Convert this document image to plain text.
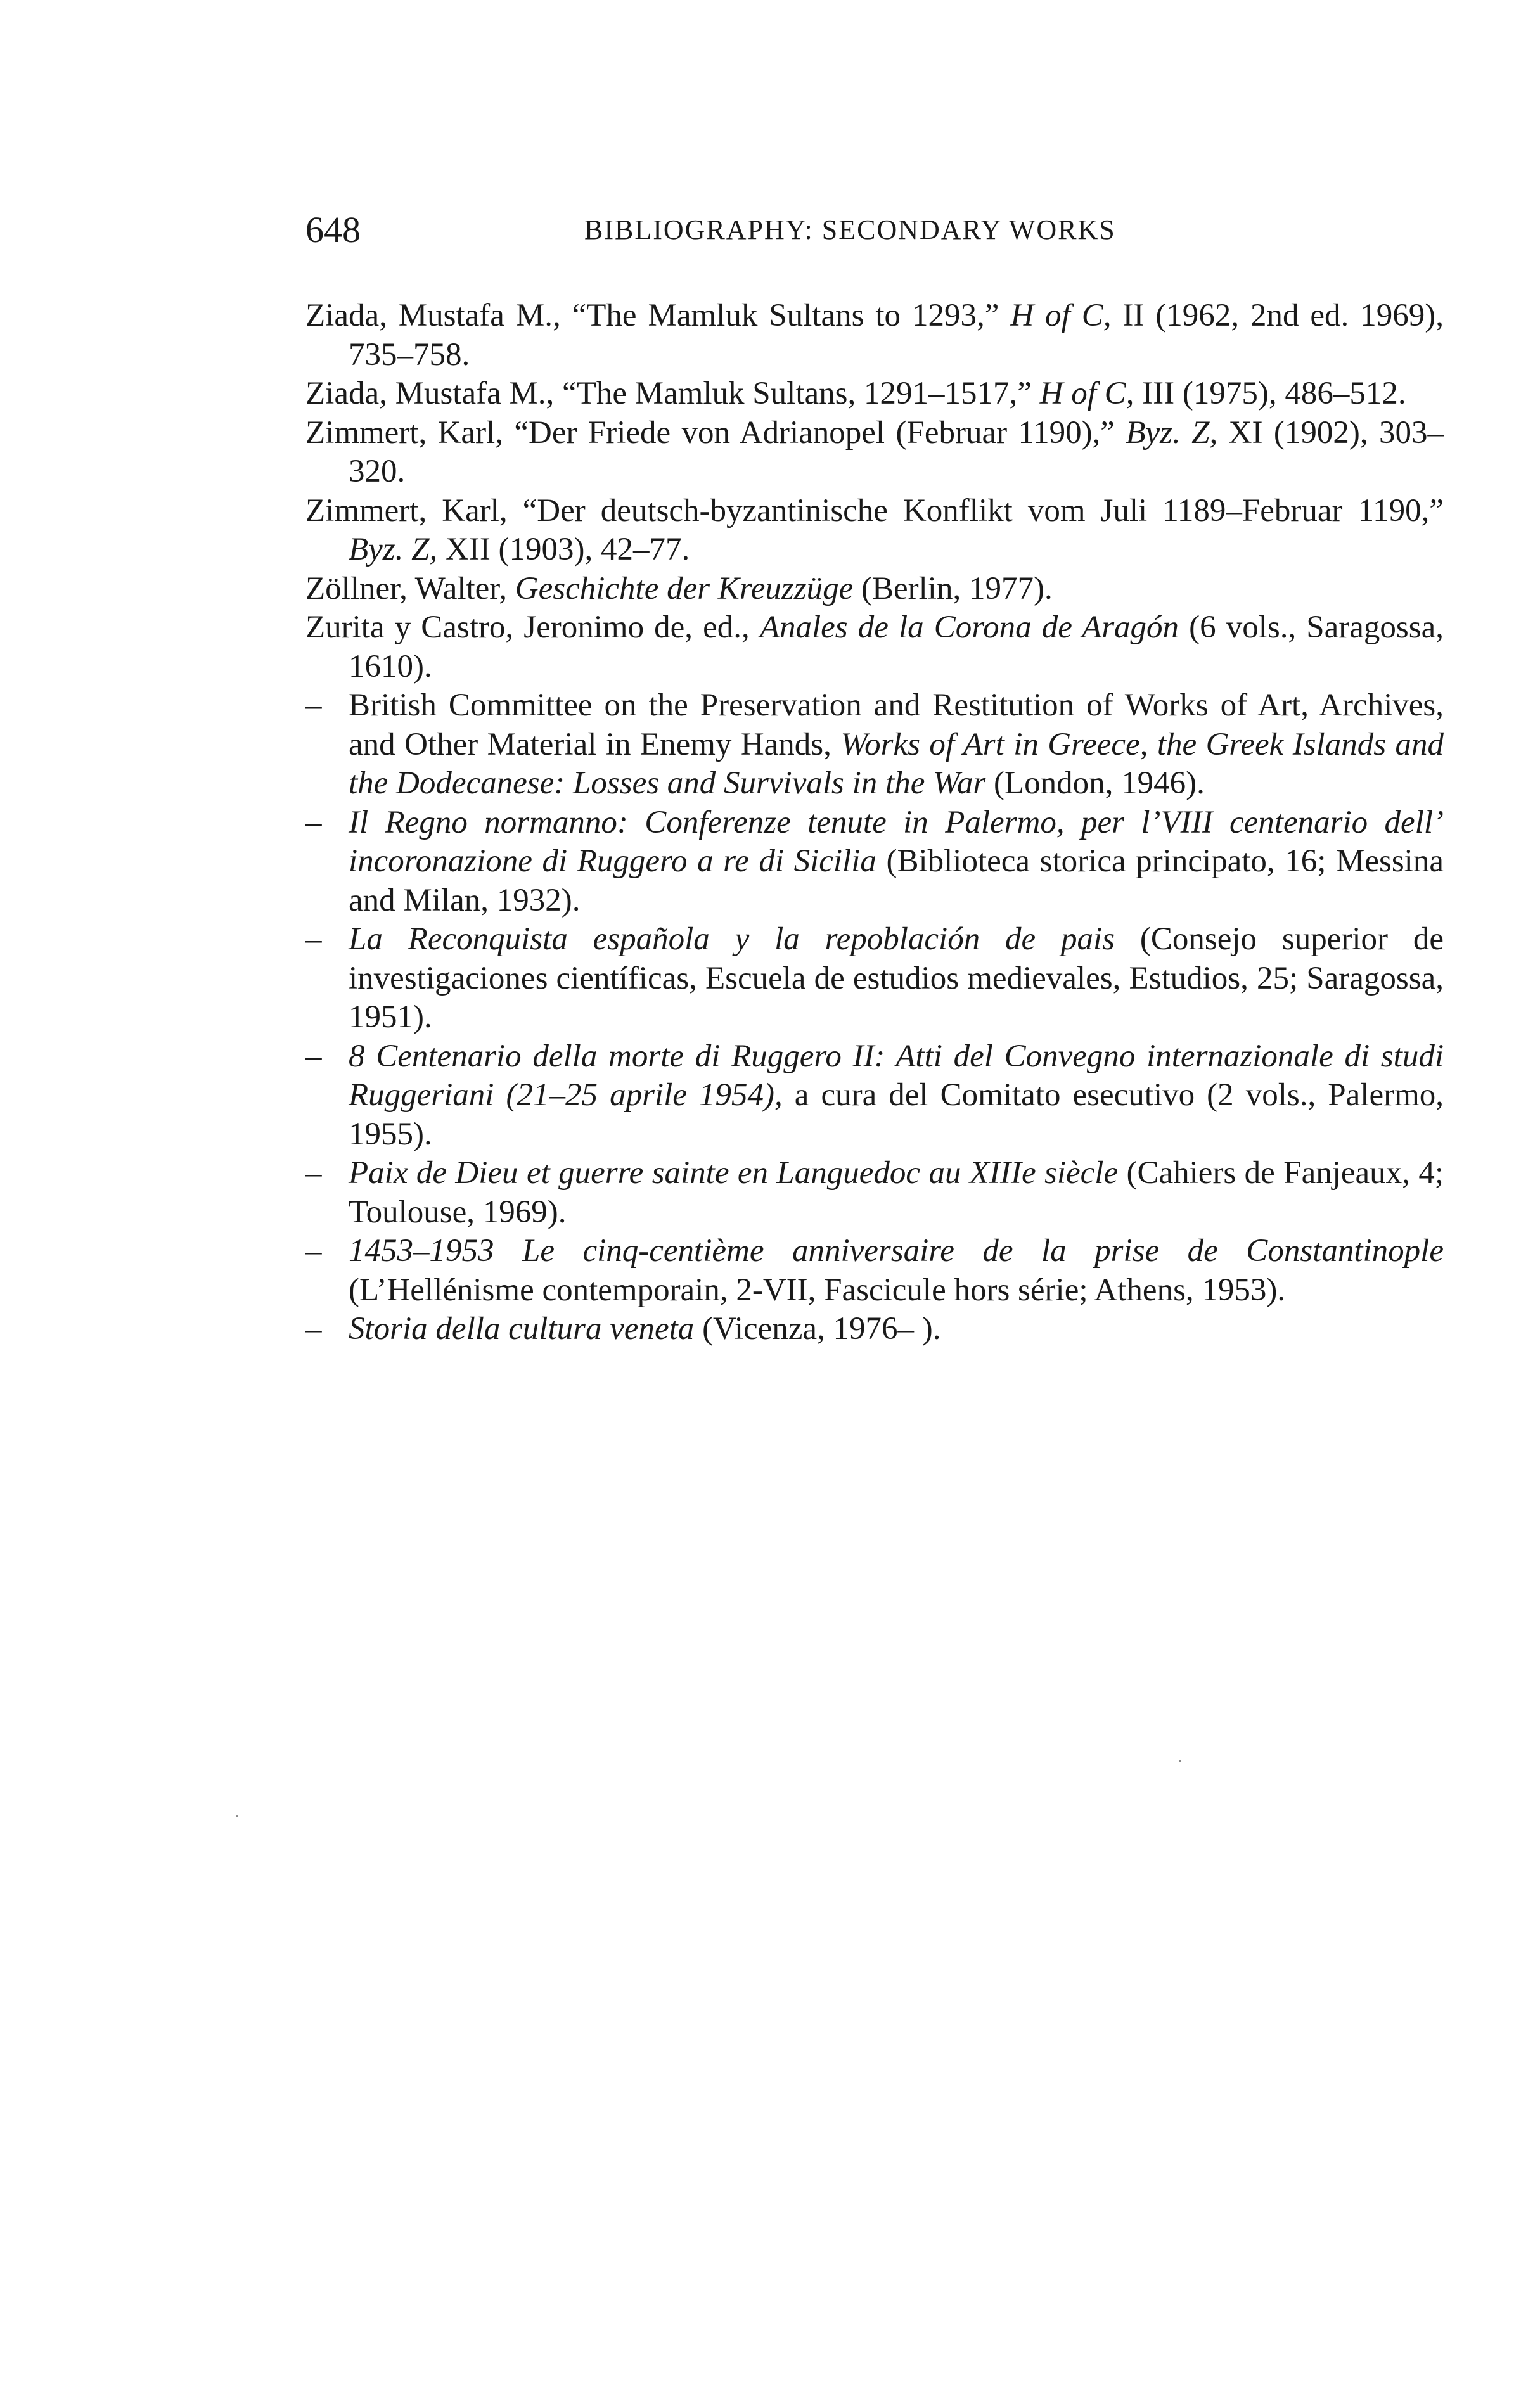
648	BIBLIOGRAPHY: SECONDARY WORKS
Ziada, Mustafa M., “The Mamluk Sultans to 1293,” H of C, II (1962, 2nd ed. 1969), 735–758.
Ziada, Mustafa M., “The Mamluk Sultans, 1291–1517,” H of C, III (1975), 486–512.
Zimmert, Karl, “Der Friede von Adrianopel (Februar 1190),” Byz. Z, XI (1902), 303–320.
Zimmert, Karl, “Der deutsch-byzantinische Konflikt vom Juli 1189–Februar 1190,” Byz. Z, XII (1903), 42–77.
Zöllner, Walter, Geschichte der Kreuzzüge (Berlin, 1977).
Zurita y Castro, Jeronimo de, ed., Anales de la Corona de Aragón (6 vols., Saragossa, 1610).
– British Committee on the Preservation and Restitution of Works of Art, Archives, and Other Material in Enemy Hands, Works of Art in Greece, the Greek Islands and the Dodecanese: Losses and Survivals in the War (London, 1946).
– Il Regno normanno: Conferenze tenute in Palermo, per l’VIII centenario dell’ incoronazione di Ruggero a re di Sicilia (Biblioteca storica principato, 16; Messina and Milan, 1932).
– La Reconquista española y la repoblación de pais (Consejo superior de investigaciones científicas, Escuela de estudios medievales, Estudios, 25; Saragossa, 1951).
– 8 Centenario della morte di Ruggero II: Atti del Convegno internazionale di studi Ruggeriani (21–25 aprile 1954), a cura del Comitato esecutivo (2 vols., Palermo, 1955).
– Paix de Dieu et guerre sainte en Languedoc au XIIIe siècle (Cahiers de Fanjeaux, 4; Toulouse, 1969).
– 1453–1953 Le cinq-centième anniversaire de la prise de Constantinople (L’Hellénisme contemporain, 2-VII, Fascicule hors série; Athens, 1953).
– Storia della cultura veneta (Vicenza, 1976– ).
